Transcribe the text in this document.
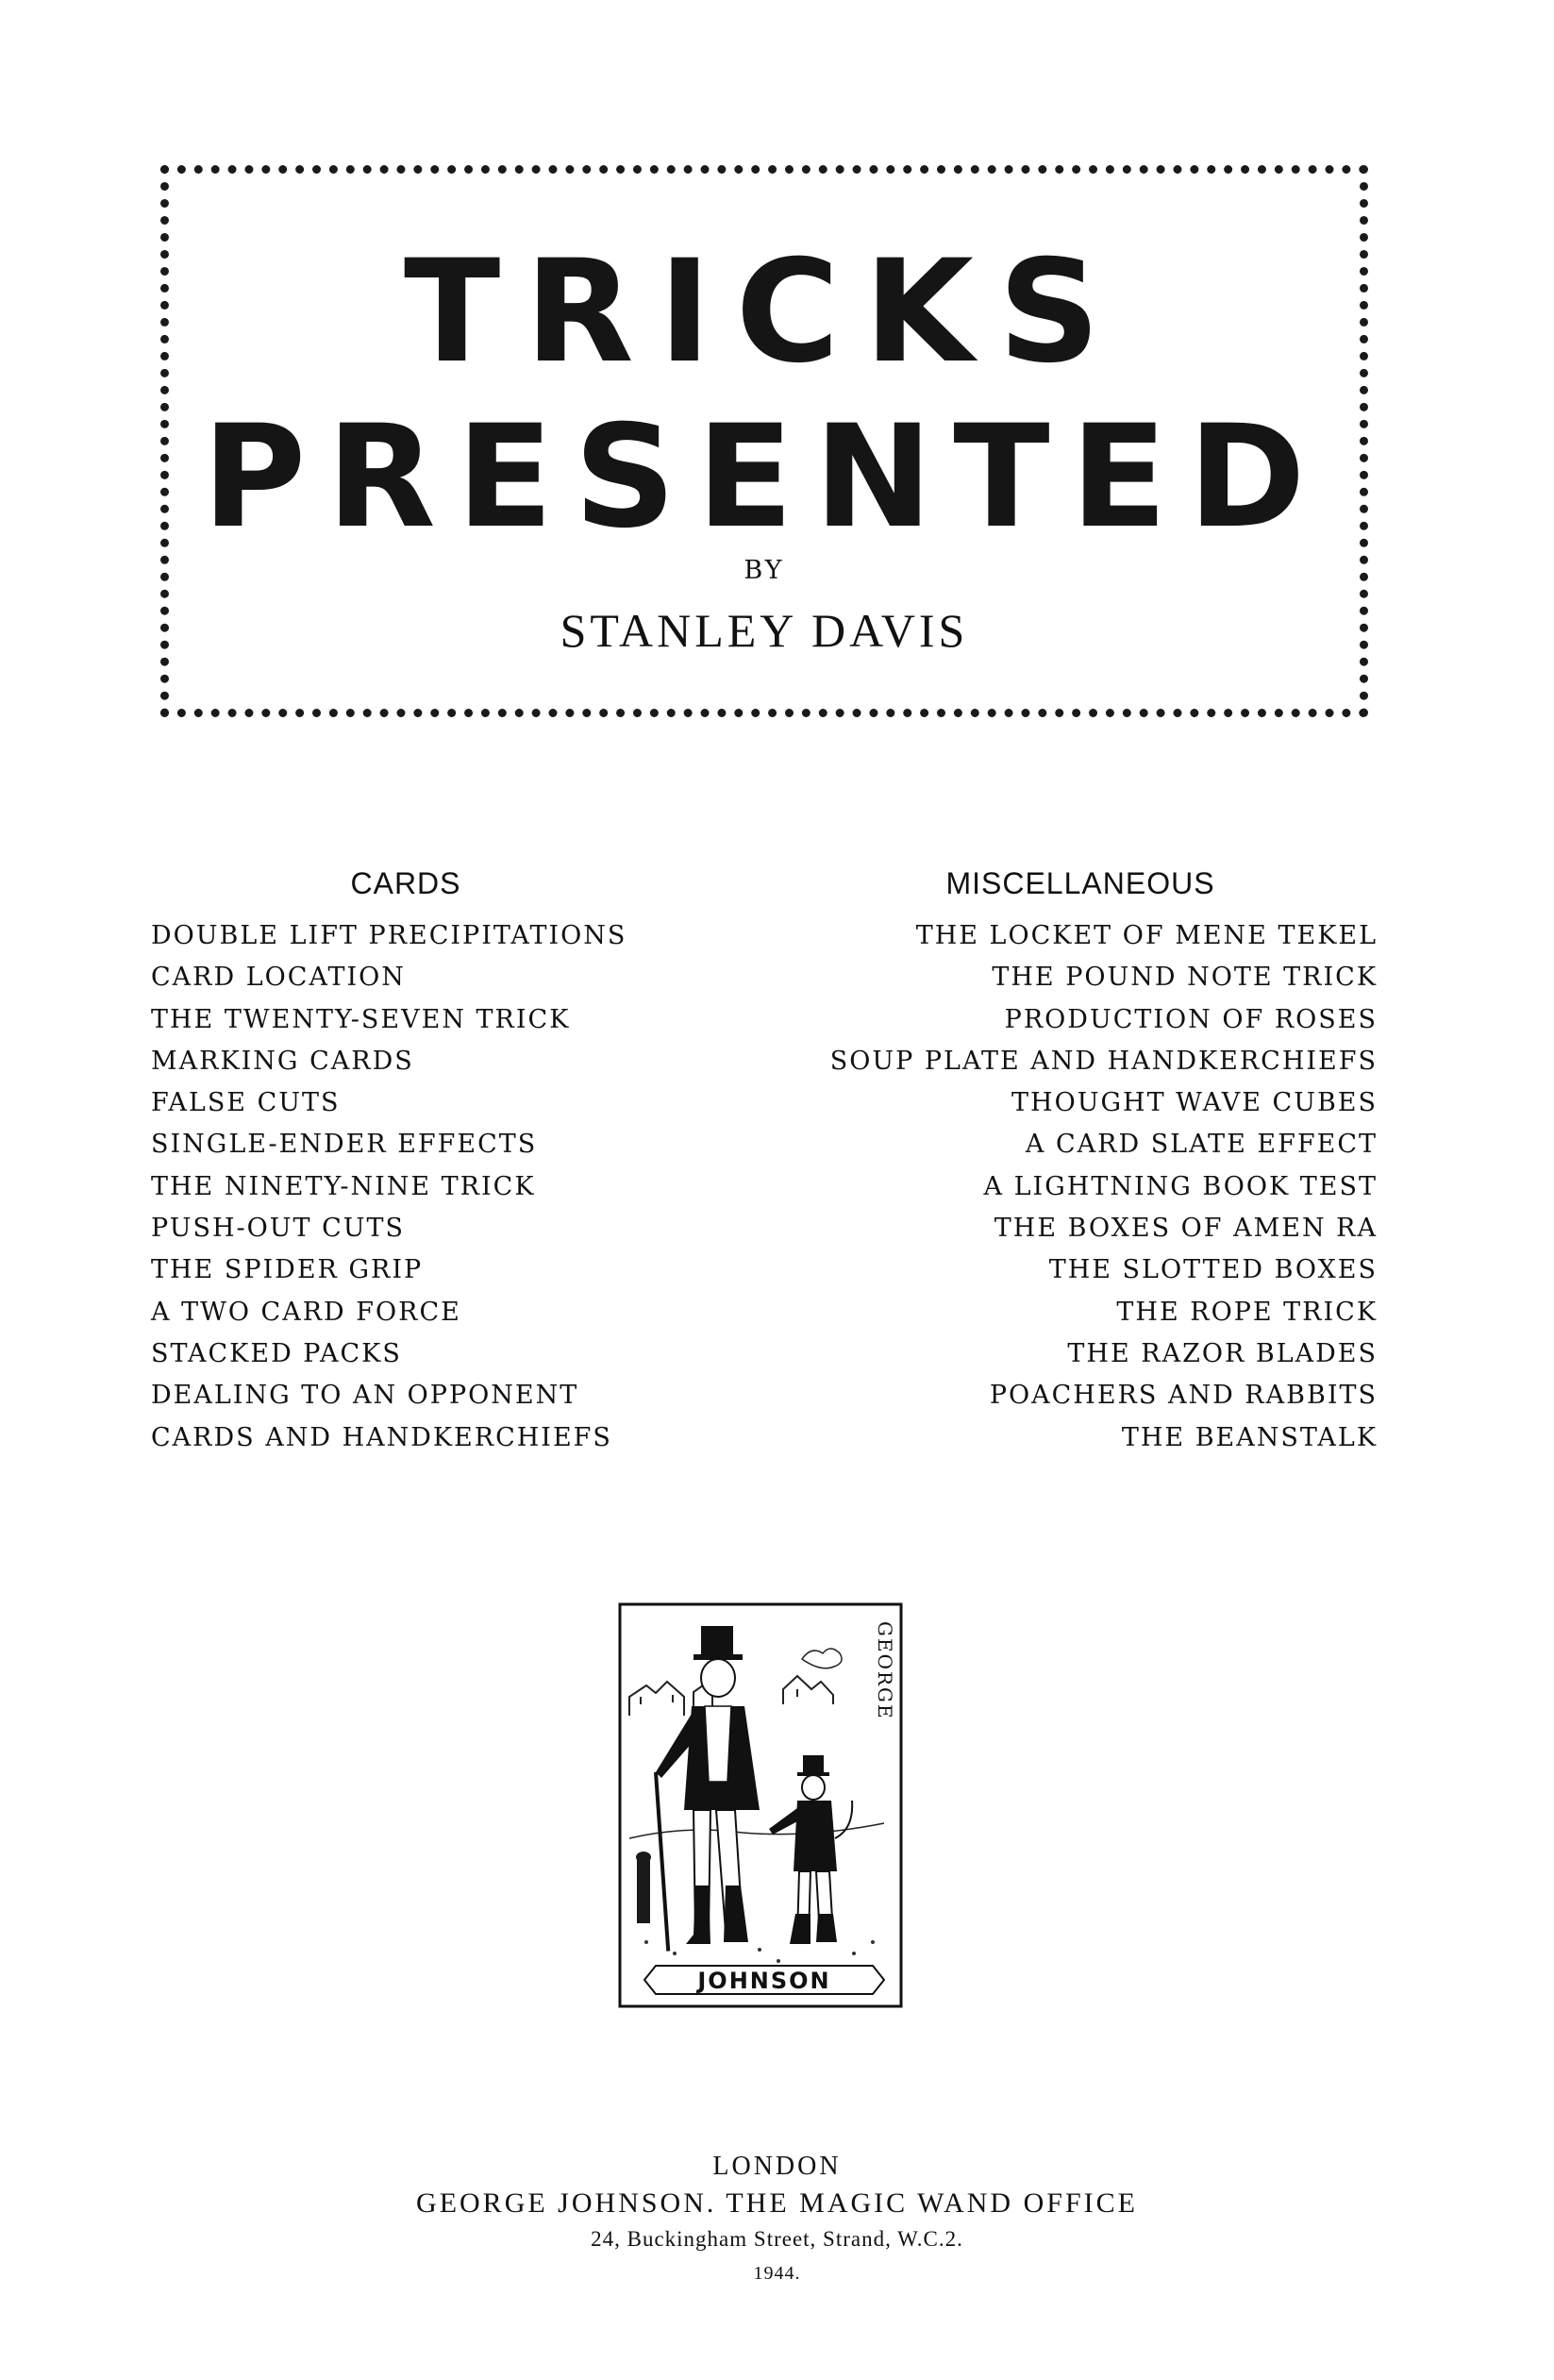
TRICKS
PRESENTED
BY
STANLEY DAVIS
CARDS	MISCELLANEOUS
DOUBLE LIFT PRECIPITATIONS
CARD LOCATION
THE TWENTY-SEVEN TRICK
MARKING CARDS
FALSE CUTS
SINGLE-ENDER EFFECTS
THE NINETY-NINE TRICK
PUSH-OUT CUTS
THE SPIDER GRIP
A TWO CARD FORCE
STACKED PACKS
DEALING TO AN OPPONENT
CARDS AND HANDKERCHIEFS
THE LOCKET OF MENE TEKEL
THE POUND NOTE TRICK
PRODUCTION OF ROSES
SOUP PLATE AND HANDKERCHIEFS
THOUGHT WAVE CUBES
A CARD SLATE EFFECT
A LIGHTNING BOOK TEST
THE BOXES OF AMEN RA
THE SLOTTED BOXES
THE ROPE TRICK
THE RAZOR BLADES
POACHERS AND RABBITS
THE BEANSTALK
GEORGE
JOHNSON
LONDON
GEORGE JOHNSON. THE MAGIC WAND OFFICE
24, Buckingham Street, Strand, W.C.2.
1944.
